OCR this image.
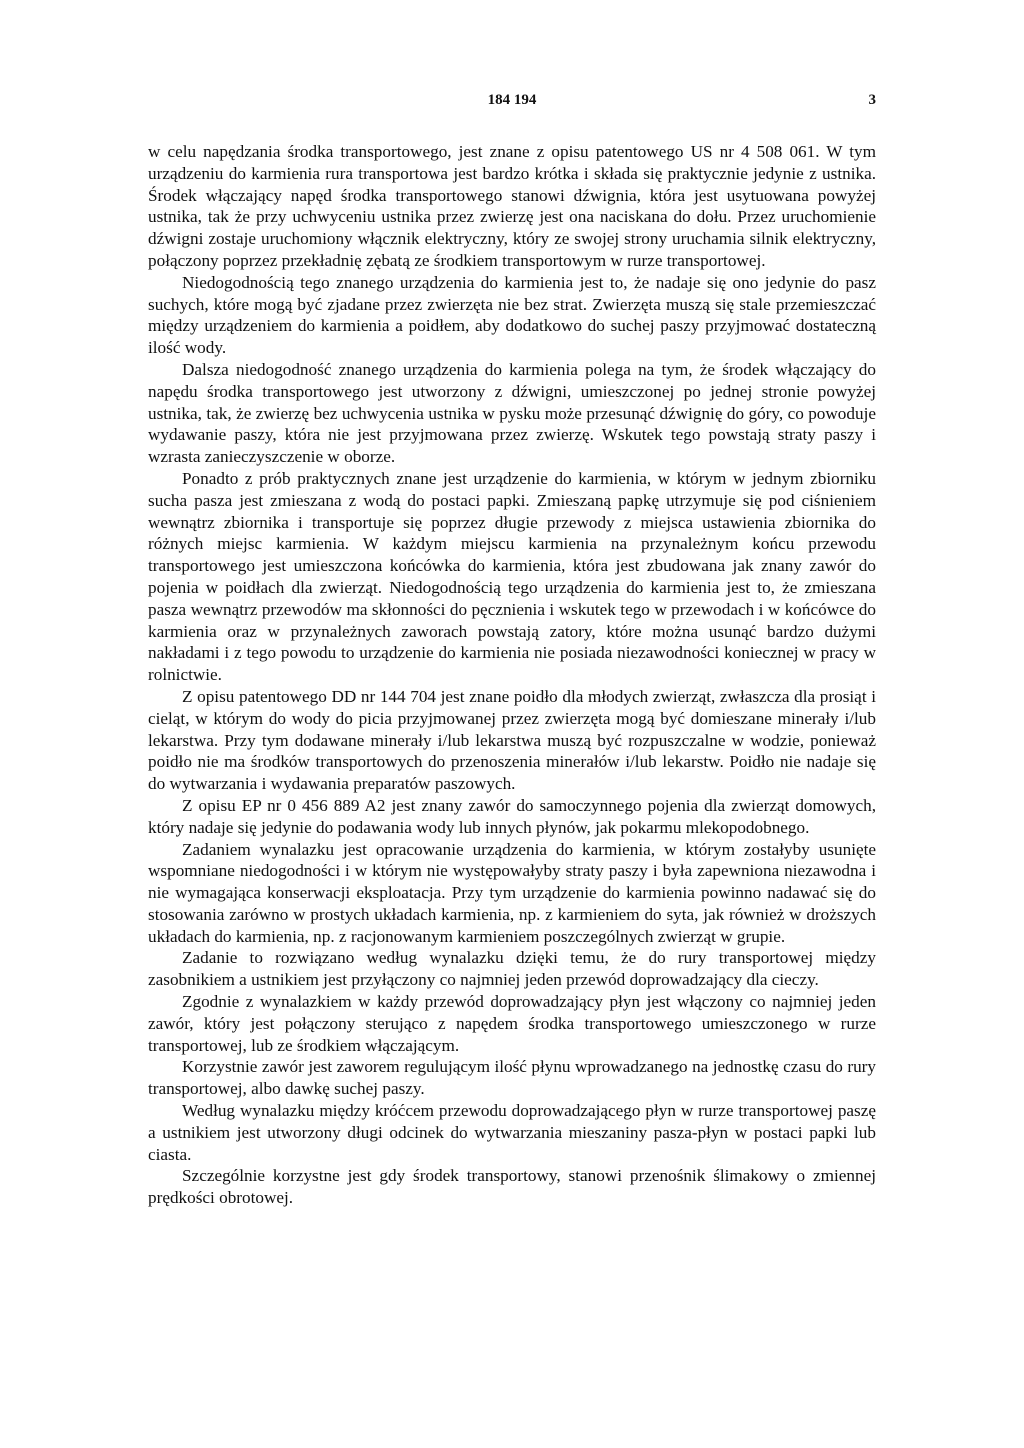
184 194	3

w celu napędzania środka transportowego, jest znane z opisu patentowego US nr 4 508 061. W tym urządzeniu do karmienia rura transportowa jest bardzo krótka i składa się praktycznie jedynie z ustnika. Środek włączający napęd środka transportowego stanowi dźwignia, która jest usytuowana powyżej ustnika, tak że przy uchwyceniu ustnika przez zwierzę jest ona naciskana do dołu. Przez uruchomienie dźwigni zostaje uruchomiony włącznik elektryczny, który ze swojej strony uruchamia silnik elektryczny, połączony poprzez przekładnię zębatą ze środkiem transportowym w rurze transportowej.

Niedogodnością tego znanego urządzenia do karmienia jest to, że nadaje się ono jedynie do pasz suchych, które mogą być zjadane przez zwierzęta nie bez strat. Zwierzęta muszą się stale przemieszczać między urządzeniem do karmienia a poidłem, aby dodatkowo do suchej paszy przyjmować dostateczną ilość wody.

Dalsza niedogodność znanego urządzenia do karmienia polega na tym, że środek włączający do napędu środka transportowego jest utworzony z dźwigni, umieszczonej po jednej stronie powyżej ustnika, tak, że zwierzę bez uchwycenia ustnika w pysku może przesunąć dźwignię do góry, co powoduje wydawanie paszy, która nie jest przyjmowana przez zwierzę. Wskutek tego powstają straty paszy i wzrasta zanieczyszczenie w oborze.

Ponadto z prób praktycznych znane jest urządzenie do karmienia, w którym w jednym zbiorniku sucha pasza jest zmieszana z wodą do postaci papki. Zmieszaną papkę utrzymuje się pod ciśnieniem wewnątrz zbiornika i transportuje się poprzez długie przewody z miejsca ustawienia zbiornika do różnych miejsc karmienia. W każdym miejscu karmienia na przynależnym końcu przewodu transportowego jest umieszczona końcówka do karmienia, która jest zbudowana jak znany zawór do pojenia w poidłach dla zwierząt. Niedogodnością tego urządzenia do karmienia jest to, że zmieszana pasza wewnątrz przewodów ma skłonności do pęcznienia i wskutek tego w przewodach i w końcówce do karmienia oraz w przynależnych zaworach powstają zatory, które można usunąć bardzo dużymi nakładami i z tego powodu to urządzenie do karmienia nie posiada niezawodności koniecznej w pracy w rolnictwie.

Z opisu patentowego DD nr 144 704 jest znane poidło dla młodych zwierząt, zwłaszcza dla prosiąt i cieląt, w którym do wody do picia przyjmowanej przez zwierzęta mogą być domieszane minerały i/lub lekarstwa. Przy tym dodawane minerały i/lub lekarstwa muszą być rozpuszczalne w wodzie, ponieważ poidło nie ma środków transportowych do przenoszenia minerałów i/lub lekarstw. Poidło nie nadaje się do wytwarzania i wydawania preparatów paszowych.

Z opisu EP nr 0 456 889 A2 jest znany zawór do samoczynnego pojenia dla zwierząt domowych, który nadaje się jedynie do podawania wody lub innych płynów, jak pokarmu mlekopodobnego.

Zadaniem wynalazku jest opracowanie urządzenia do karmienia, w którym zostałyby usunięte wspomniane niedogodności i w którym nie występowałyby straty paszy i była zapewniona niezawodna i nie wymagająca konserwacji eksploatacja. Przy tym urządzenie do karmienia powinno nadawać się do stosowania zarówno w prostych układach karmienia, np. z karmieniem do syta, jak również w droższych układach do karmienia, np. z racjonowanym karmieniem poszczególnych zwierząt w grupie.

Zadanie to rozwiązano według wynalazku dzięki temu, że do rury transportowej między zasobnikiem a ustnikiem jest przyłączony co najmniej jeden przewód doprowadzający dla cieczy.

Zgodnie z wynalazkiem w każdy przewód doprowadzający płyn jest włączony co najmniej jeden zawór, który jest połączony sterująco z napędem środka transportowego umieszczonego w rurze transportowej, lub ze środkiem włączającym.

Korzystnie zawór jest zaworem regulującym ilość płynu wprowadzanego na jednostkę czasu do rury transportowej, albo dawkę suchej paszy.

Według wynalazku między króćcem przewodu doprowadzającego płyn w rurze transportowej paszę a ustnikiem jest utworzony długi odcinek do wytwarzania mieszaniny pasza-płyn w postaci papki lub ciasta.

Szczególnie korzystne jest gdy środek transportowy, stanowi przenośnik ślimakowy o zmiennej prędkości obrotowej.
